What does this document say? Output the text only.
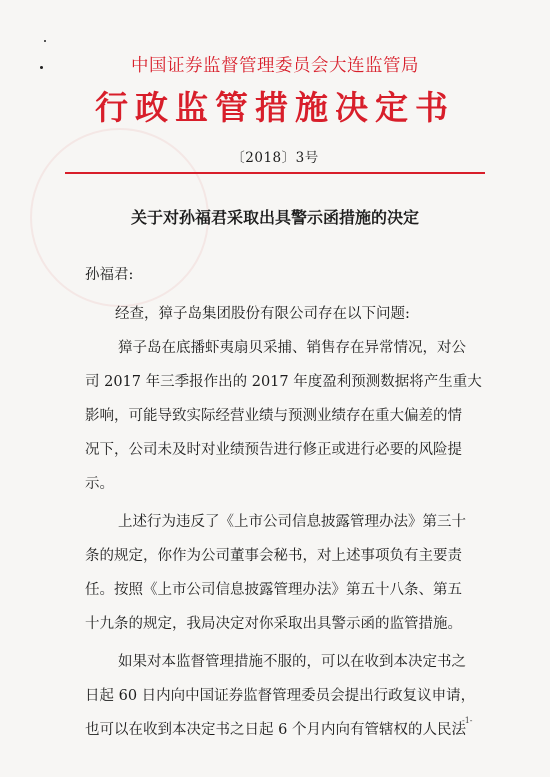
中国证券监督管理委员会大连监管局
行政监管措施决定书
〔2018〕3号
关于对孙福君采取出具警示函措施的决定
孙福君:
经查，獐子岛集团股份有限公司存在以下问题:
獐子岛在底播虾夷扇贝采捕、销售存在异常情况，对公
司 2017 年三季报作出的 2017 年度盈利预测数据将产生重大
影响，可能导致实际经营业绩与预测业绩存在重大偏差的情
况下，公司未及时对业绩预告进行修正或进行必要的风险提
示。
上述行为违反了《上市公司信息披露管理办法》第三十
条的规定，你作为公司董事会秘书，对上述事项负有主要责
任。按照《上市公司信息披露管理办法》第五十八条、第五
十九条的规定，我局决定对你采取出具警示函的监管措施。
如果对本监督管理措施不服的，可以在收到本决定书之
日起 60 日内向中国证券监督管理委员会提出行政复议申请，
也可以在收到本决定书之日起 6 个月内向有管辖权的人民法
-1-
